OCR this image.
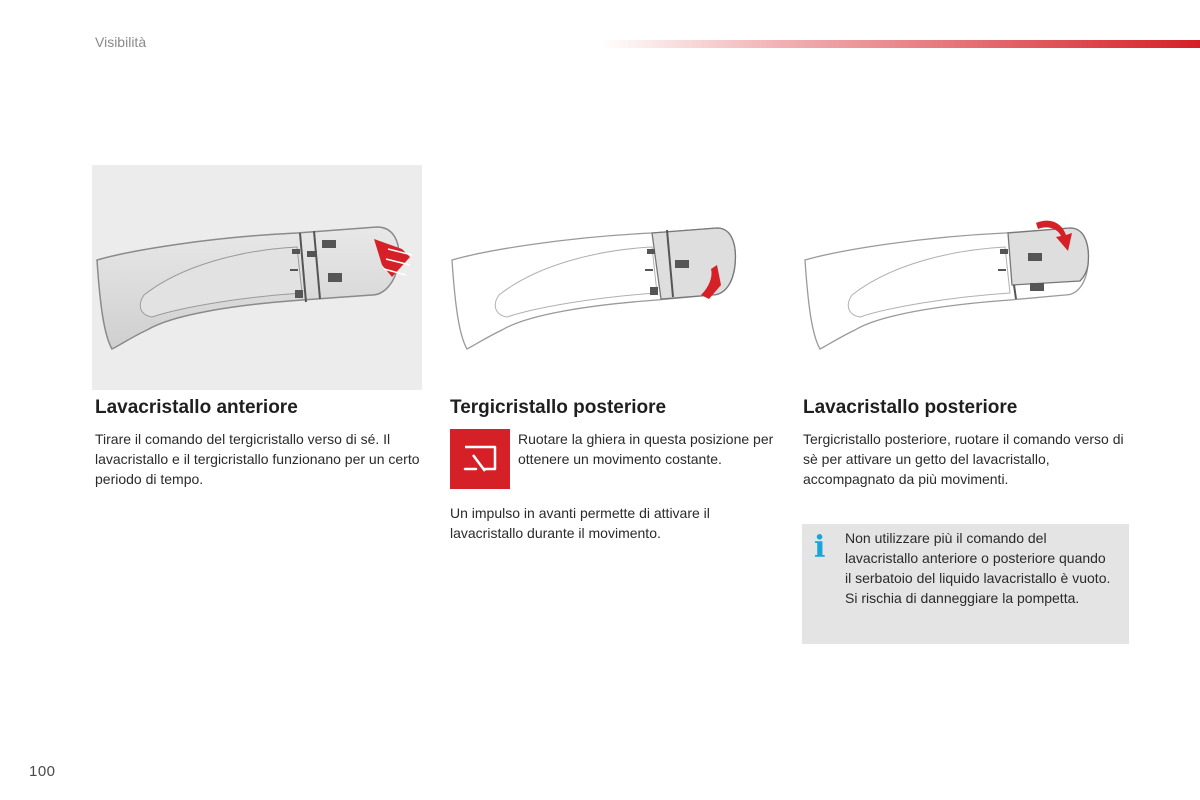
Visibilità
Lavacristallo anteriore

Tirare il comando del tergicristallo verso di sé. Il lavacristallo e il tergicristallo funzionano per un certo periodo di tempo.

Tergicristallo posteriore

Ruotare la ghiera in questa posizione per ottenere un movimento costante.

Un impulso in avanti permette di attivare il lavacristallo durante il movimento.

Lavacristallo posteriore

Tergicristallo posteriore, ruotare il comando verso di sè per attivare un getto del lavacristallo, accompagnato da più movimenti.

i Non utilizzare più il comando del lavacristallo anteriore o posteriore quando il serbatoio del liquido lavacristallo è vuoto. Si rischia di danneggiare la pompetta.

100
